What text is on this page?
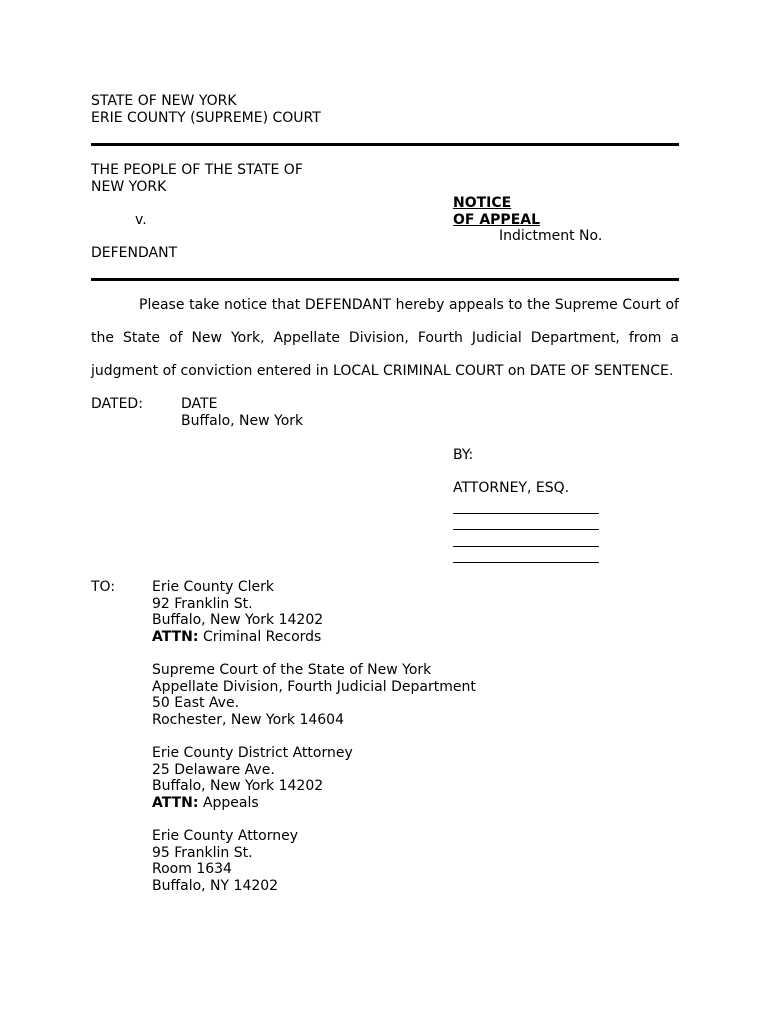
STATE OF NEW YORK
ERIE COUNTY (SUPREME) COURT
THE PEOPLE OF THE STATE OF
NEW YORK
v.
DEFENDANT
NOTICE
OF APPEAL
Indictment No.
Please take notice that DEFENDANT hereby appeals to the Supreme Court of
the State of New York, Appellate Division, Fourth Judicial Department, from a
judgment of conviction entered in LOCAL CRIMINAL COURT on DATE OF SENTENCE.
DATED:	DATE
Buffalo, New York
BY:
ATTORNEY, ESQ.
TO:	Erie County Clerk
92 Franklin St.
Buffalo, New York 14202
ATTN: Criminal Records
Supreme Court of the State of New York
Appellate Division, Fourth Judicial Department
50 East Ave.
Rochester, New York 14604
Erie County District Attorney
25 Delaware Ave.
Buffalo, New York 14202
ATTN: Appeals
Erie County Attorney
95 Franklin St.
Room 1634
Buffalo, NY 14202
